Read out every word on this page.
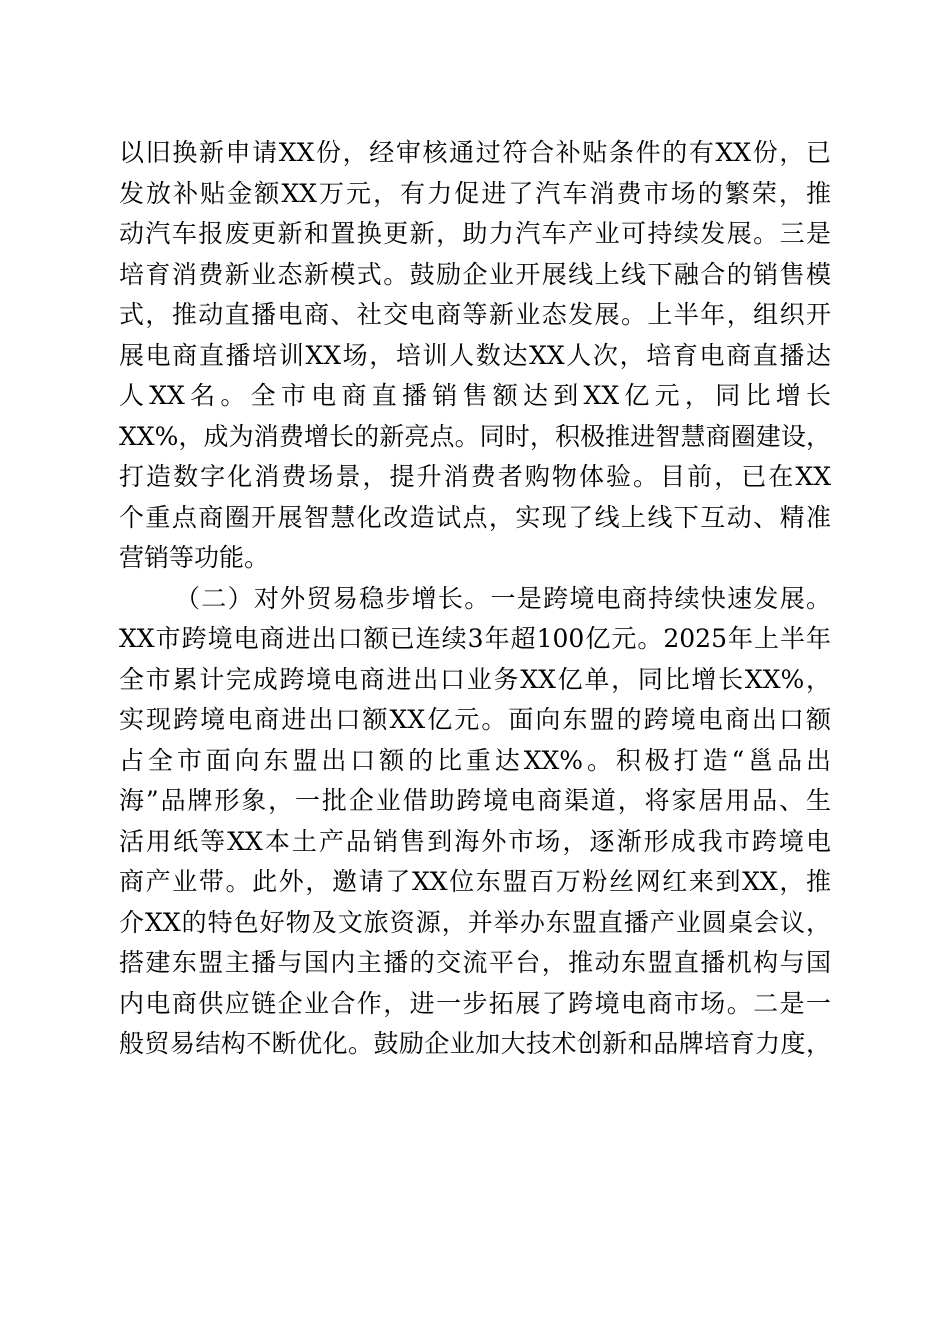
以旧换新申请XX份，经审核通过符合补贴条件的有XX份，已
发放补贴金额XX万元，有力促进了汽车消费市场的繁荣，推
动汽车报废更新和置换更新，助力汽车产业可持续发展。三是
培育消费新业态新模式。鼓励企业开展线上线下融合的销售模
式，推动直播电商、社交电商等新业态发展。上半年，组织开
展电商直播培训XX场，培训人数达XX人次，培育电商直播达
人XX名。全市电商直播销售额达到XX亿元，同比增长
XX%，成为消费增长的新亮点。同时，积极推进智慧商圈建设，
打造数字化消费场景，提升消费者购物体验。目前，已在XX
个重点商圈开展智慧化改造试点，实现了线上线下互动、精准
营销等功能。
（二）对外贸易稳步增长。一是跨境电商持续快速发展。
XX市跨境电商进出口额已连续3年超100亿元。2025年上半年
全市累计完成跨境电商进出口业务XX亿单，同比增长XX%，
实现跨境电商进出口额XX亿元。面向东盟的跨境电商出口额
占全市面向东盟出口额的比重达XX%。积极打造“邕品出
海”品牌形象，一批企业借助跨境电商渠道，将家居用品、生
活用纸等XX本土产品销售到海外市场，逐渐形成我市跨境电
商产业带。此外，邀请了XX位东盟百万粉丝网红来到XX，推
介XX的特色好物及文旅资源，并举办东盟直播产业圆桌会议，
搭建东盟主播与国内主播的交流平台，推动东盟直播机构与国
内电商供应链企业合作，进一步拓展了跨境电商市场。二是一
般贸易结构不断优化。鼓励企业加大技术创新和品牌培育力度，
